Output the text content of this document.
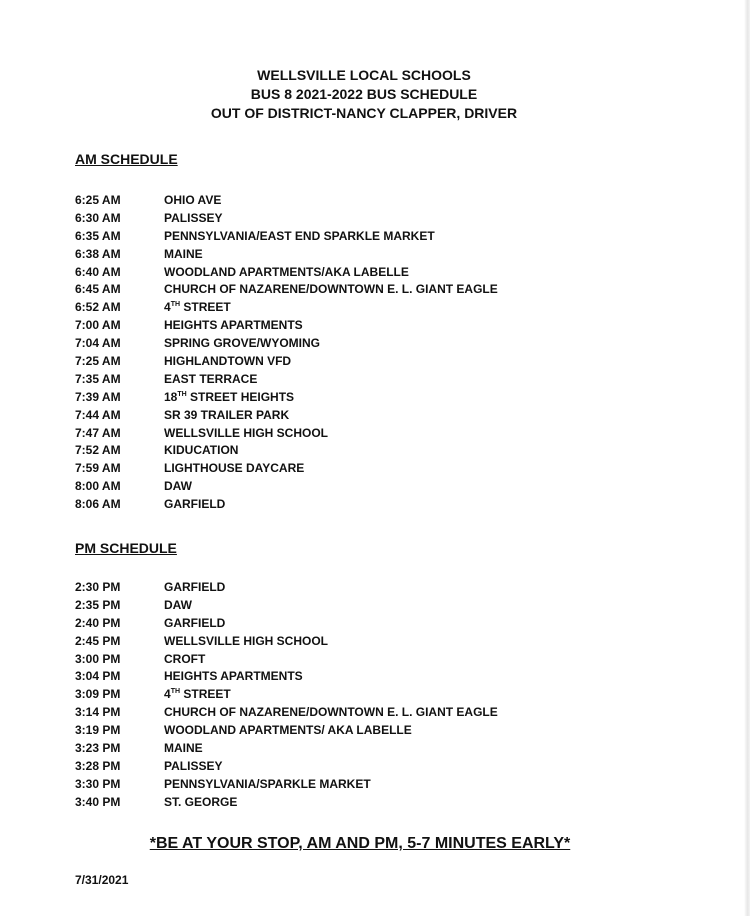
WELLSVILLE LOCAL SCHOOLS
BUS 8 2021-2022 BUS SCHEDULE
OUT OF DISTRICT-NANCY CLAPPER, DRIVER
AM SCHEDULE
6:25 AM	OHIO AVE
6:30 AM	PALISSEY
6:35 AM	PENNSYLVANIA/EAST END SPARKLE MARKET
6:38 AM	MAINE
6:40 AM	WOODLAND APARTMENTS/AKA LABELLE
6:45 AM	CHURCH OF NAZARENE/DOWNTOWN E. L. GIANT EAGLE
6:52 AM	4TH STREET
7:00 AM	HEIGHTS APARTMENTS
7:04 AM	SPRING GROVE/WYOMING
7:25 AM	HIGHLANDTOWN VFD
7:35 AM	EAST TERRACE
7:39 AM	18TH STREET HEIGHTS
7:44 AM	SR 39 TRAILER PARK
7:47 AM	WELLSVILLE HIGH SCHOOL
7:52 AM	KIDUCATION
7:59 AM	LIGHTHOUSE DAYCARE
8:00 AM	DAW
8:06 AM	GARFIELD
PM SCHEDULE
2:30 PM	GARFIELD
2:35 PM	DAW
2:40 PM	GARFIELD
2:45 PM	WELLSVILLE HIGH SCHOOL
3:00 PM	CROFT
3:04 PM	HEIGHTS APARTMENTS
3:09 PM	4TH STREET
3:14 PM	CHURCH OF NAZARENE/DOWNTOWN E. L. GIANT EAGLE
3:19 PM	WOODLAND APARTMENTS/ AKA LABELLE
3:23 PM	MAINE
3:28 PM	PALISSEY
3:30 PM	PENNSYLVANIA/SPARKLE MARKET
3:40 PM	ST. GEORGE
*BE AT YOUR STOP, AM AND PM, 5-7 MINUTES EARLY*
7/31/2021
